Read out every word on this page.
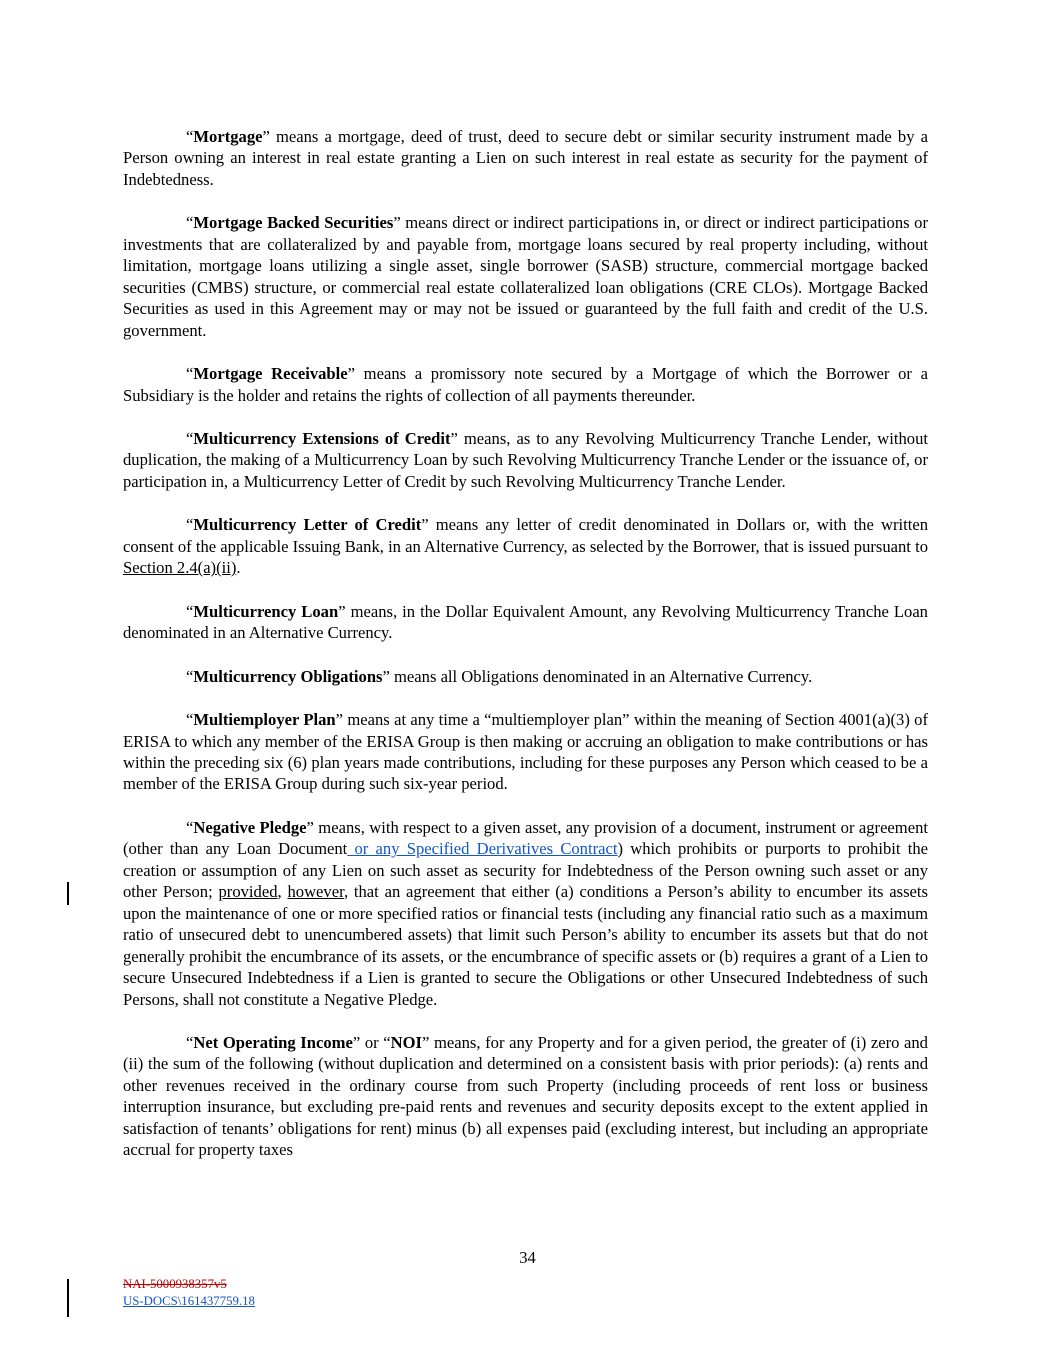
“Mortgage” means a mortgage, deed of trust, deed to secure debt or similar security instrument made by a Person owning an interest in real estate granting a Lien on such interest in real estate as security for the payment of Indebtedness.

“Mortgage Backed Securities” means direct or indirect participations in, or direct or indirect participations or investments that are collateralized by and payable from, mortgage loans secured by real property including, without limitation, mortgage loans utilizing a single asset, single borrower (SASB) structure, commercial mortgage backed securities (CMBS) structure, or commercial real estate collateralized loan obligations (CRE CLOs). Mortgage Backed Securities as used in this Agreement may or may not be issued or guaranteed by the full faith and credit of the U.S. government.

“Mortgage Receivable” means a promissory note secured by a Mortgage of which the Borrower or a Subsidiary is the holder and retains the rights of collection of all payments thereunder.

“Multicurrency Extensions of Credit” means, as to any Revolving Multicurrency Tranche Lender, without duplication, the making of a Multicurrency Loan by such Revolving Multicurrency Tranche Lender or the issuance of, or participation in, a Multicurrency Letter of Credit by such Revolving Multicurrency Tranche Lender.

“Multicurrency Letter of Credit” means any letter of credit denominated in Dollars or, with the written consent of the applicable Issuing Bank, in an Alternative Currency, as selected by the Borrower, that is issued pursuant to Section 2.4(a)(ii).

“Multicurrency Loan” means, in the Dollar Equivalent Amount, any Revolving Multicurrency Tranche Loan denominated in an Alternative Currency.

“Multicurrency Obligations” means all Obligations denominated in an Alternative Currency.

“Multiemployer Plan” means at any time a “multiemployer plan” within the meaning of Section 4001(a)(3) of ERISA to which any member of the ERISA Group is then making or accruing an obligation to make contributions or has within the preceding six (6) plan years made contributions, including for these purposes any Person which ceased to be a member of the ERISA Group during such six-year period.

“Negative Pledge” means, with respect to a given asset, any provision of a document, instrument or agreement (other than any Loan Document or any Specified Derivatives Contract) which prohibits or purports to prohibit the creation or assumption of any Lien on such asset as security for Indebtedness of the Person owning such asset or any other Person; provided, however, that an agreement that either (a) conditions a Person’s ability to encumber its assets upon the maintenance of one or more specified ratios or financial tests (including any financial ratio such as a maximum ratio of unsecured debt to unencumbered assets) that limit such Person’s ability to encumber its assets but that do not generally prohibit the encumbrance of its assets, or the encumbrance of specific assets or (b) requires a grant of a Lien to secure Unsecured Indebtedness if a Lien is granted to secure the Obligations or other Unsecured Indebtedness of such Persons, shall not constitute a Negative Pledge.

“Net Operating Income” or “NOI” means, for any Property and for a given period, the greater of (i) zero and (ii) the sum of the following (without duplication and determined on a consistent basis with prior periods): (a) rents and other revenues received in the ordinary course from such Property (including proceeds of rent loss or business interruption insurance, but excluding pre-paid rents and revenues and security deposits except to the extent applied in satisfaction of tenants’ obligations for rent) minus (b) all expenses paid (excluding interest, but including an appropriate accrual for property taxes

34
NAI-5000938357v5
US-DOCS\161437759.18
